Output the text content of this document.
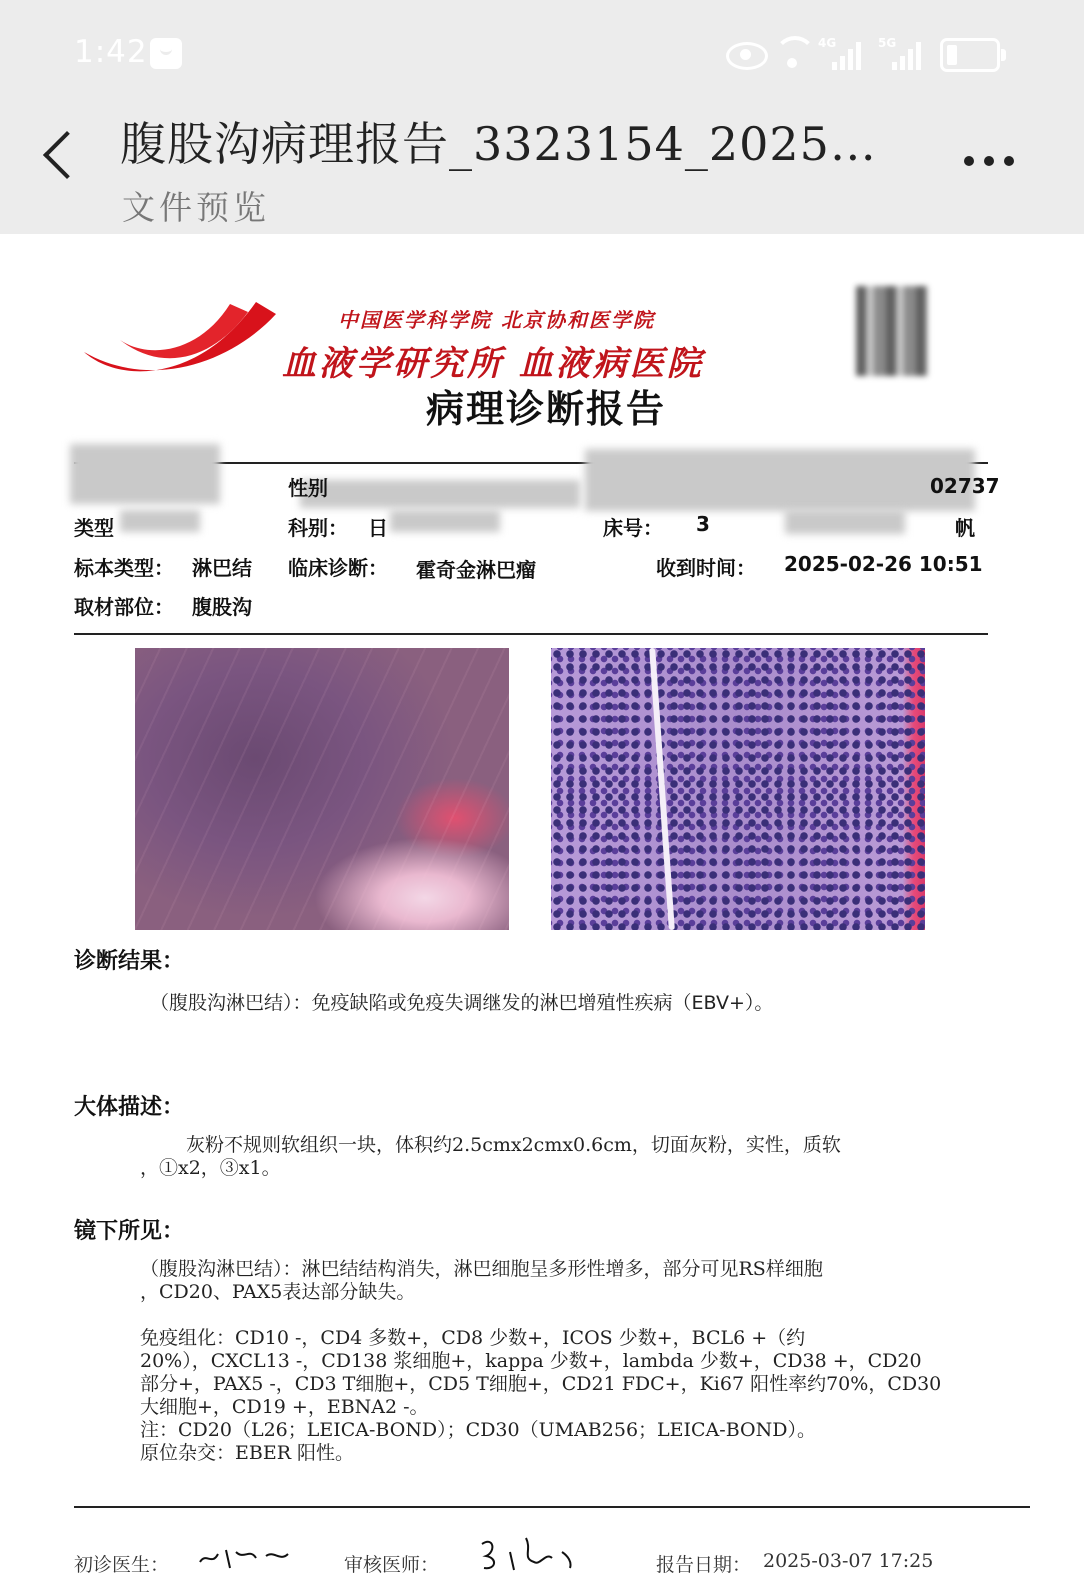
1:42	4G	5G
腹股沟病理报告_3323154_2025…
文件预览
中国医学科学院 北京协和医学院
血液学研究所 血液病医院
病理诊断报告
性别	02737
类型	科别： 日	床号： 3	帆
标本类型： 淋巴结 临床诊断： 霍奇金淋巴瘤	收到时间： 2025-02-26 10:51
取材部位： 腹股沟
诊断结果：
（腹股沟淋巴结）：免疫缺陷或免疫失调继发的淋巴增殖性疾病（EBV+）。
大体描述：
灰粉不规则软组织一块，体积约2.5cmx2cmx0.6cm，切面灰粉，实性，质软
，①x2，③x1。
镜下所见：
（腹股沟淋巴结）：淋巴结结构消失，淋巴细胞呈多形性增多，部分可见RS样细胞
，CD20、PAX5表达部分缺失。
免疫组化：CD10 -，CD4 多数+，CD8 少数+，ICOS 少数+，BCL6 +（约
20%），CXCL13 -，CD138 浆细胞+，kappa 少数+，lambda 少数+，CD38 +，CD20
部分+，PAX5 -，CD3 T细胞+，CD5 T细胞+，CD21 FDC+，Ki67 阳性率约70%，CD30
大细胞+，CD19 +，EBNA2 -。
注：CD20（L26；LEICA-BOND）；CD30（UMAB256；LEICA-BOND）。
原位杂交：EBER 阳性。
初诊医生：	审核医师：	报告日期： 2025-03-07 17:25
